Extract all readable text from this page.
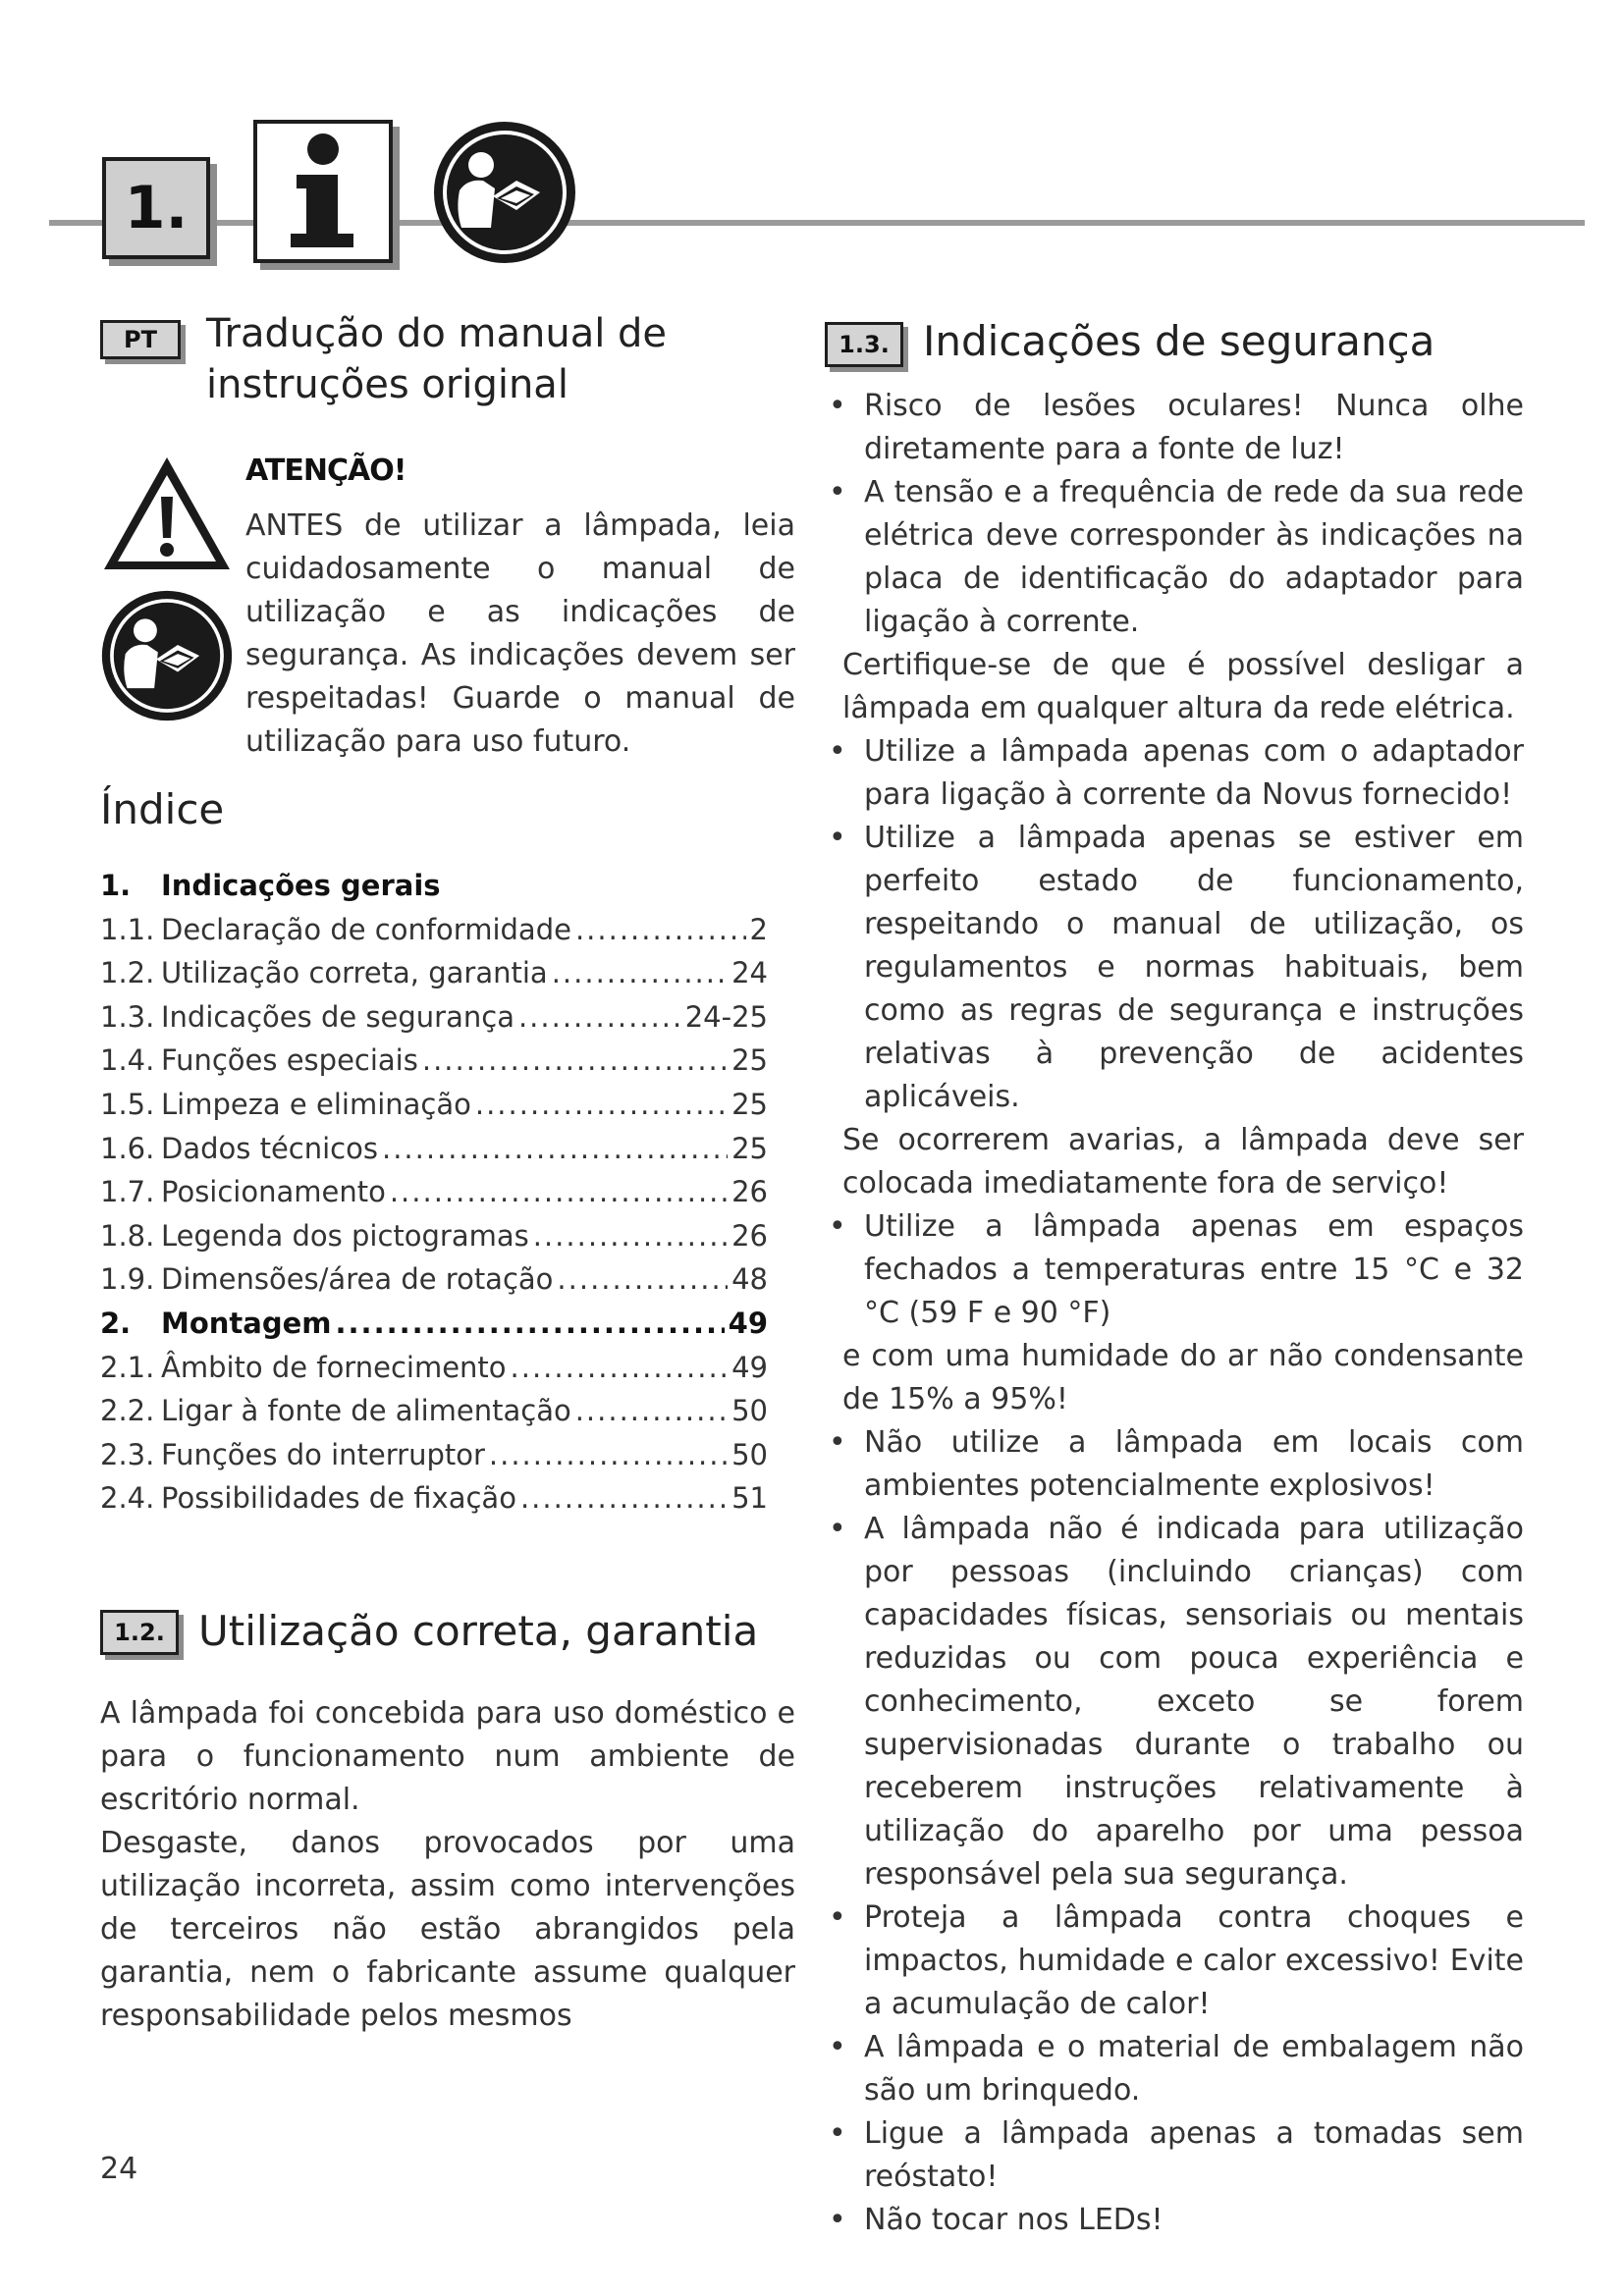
1.
PT	Tradução do manual de
instruções original
ATENÇÃO!
ANTES de utilizar a lâmpada, leia cuidadosamente o manual de utilização e as indicações de segurança. As indicações devem ser respeitadas! Guarde o manual de utilização para uso futuro.
Índice
1.	Indicações gerais
1.1. Declaração de conformidade .....	2
1.2. Utilização correta, garantia .....	24
1.3. Indicações de segurança .....	24-25
1.4. Funções especiais .....	25
1.5. Limpeza e eliminação .....	25
1.6. Dados técnicos .....	25
1.7. Posicionamento .....	26
1.8. Legenda dos pictogramas .....	26
1.9. Dimensões/área de rotação .....	48
2.	Montagem .....	49
2.1. Âmbito de fornecimento .....	49
2.2. Ligar à fonte de alimentação .....	50
2.3. Funções do interruptor .....	50
2.4. Possibilidades de fixação .....	51
1.2. Utilização correta, garantia

A lâmpada foi concebida para uso doméstico e para o funcionamento num ambiente de escritório normal.

Desgaste, danos provocados por uma utilização incorreta, assim como intervenções de terceiros não estão abrangidos pela garantia, nem o fabricante assume qualquer responsabilidade pelos mesmos

1.3. Indicações de segurança
• Risco de lesões oculares! Nunca olhe diretamente para a fonte de luz!
• A tensão e a frequência de rede da sua rede elétrica deve corresponder às indicações na placa de identificação do adaptador para ligação à corrente.
Certifique-se de que é possível desligar a lâmpada em qualquer altura da rede elétrica.
• Utilize a lâmpada apenas com o adaptador para ligação à corrente da Novus fornecido!
• Utilize a lâmpada apenas se estiver em perfeito estado de funcionamento, respeitando o manual de utilização, os regulamentos e normas habituais, bem como as regras de segurança e instruções relativas à prevenção de acidentes aplicáveis.
Se ocorrerem avarias, a lâmpada deve ser colocada imediatamente fora de serviço!
• Utilize a lâmpada apenas em espaços fechados a temperaturas entre 15 °C e 32 °C (59 F e 90 °F)
e com uma humidade do ar não condensante de 15% a 95%!
• Não utilize a lâmpada em locais com ambientes potencialmente explosivos!
• A lâmpada não é indicada para utilização por pessoas (incluindo crianças) com capacidades físicas, sensoriais ou mentais reduzidas ou com pouca experiência e conhecimento, exceto se forem supervisionadas durante o trabalho ou receberem instruções relativamente à utilização do aparelho por uma pessoa responsável pela sua segurança.
• Proteja a lâmpada contra choques e impactos, humidade e calor excessivo! Evite a acumulação de calor!
• A lâmpada e o material de embalagem não são um brinquedo.
• Ligue a lâmpada apenas a tomadas sem reóstato!
• Não tocar nos LEDs!
24
